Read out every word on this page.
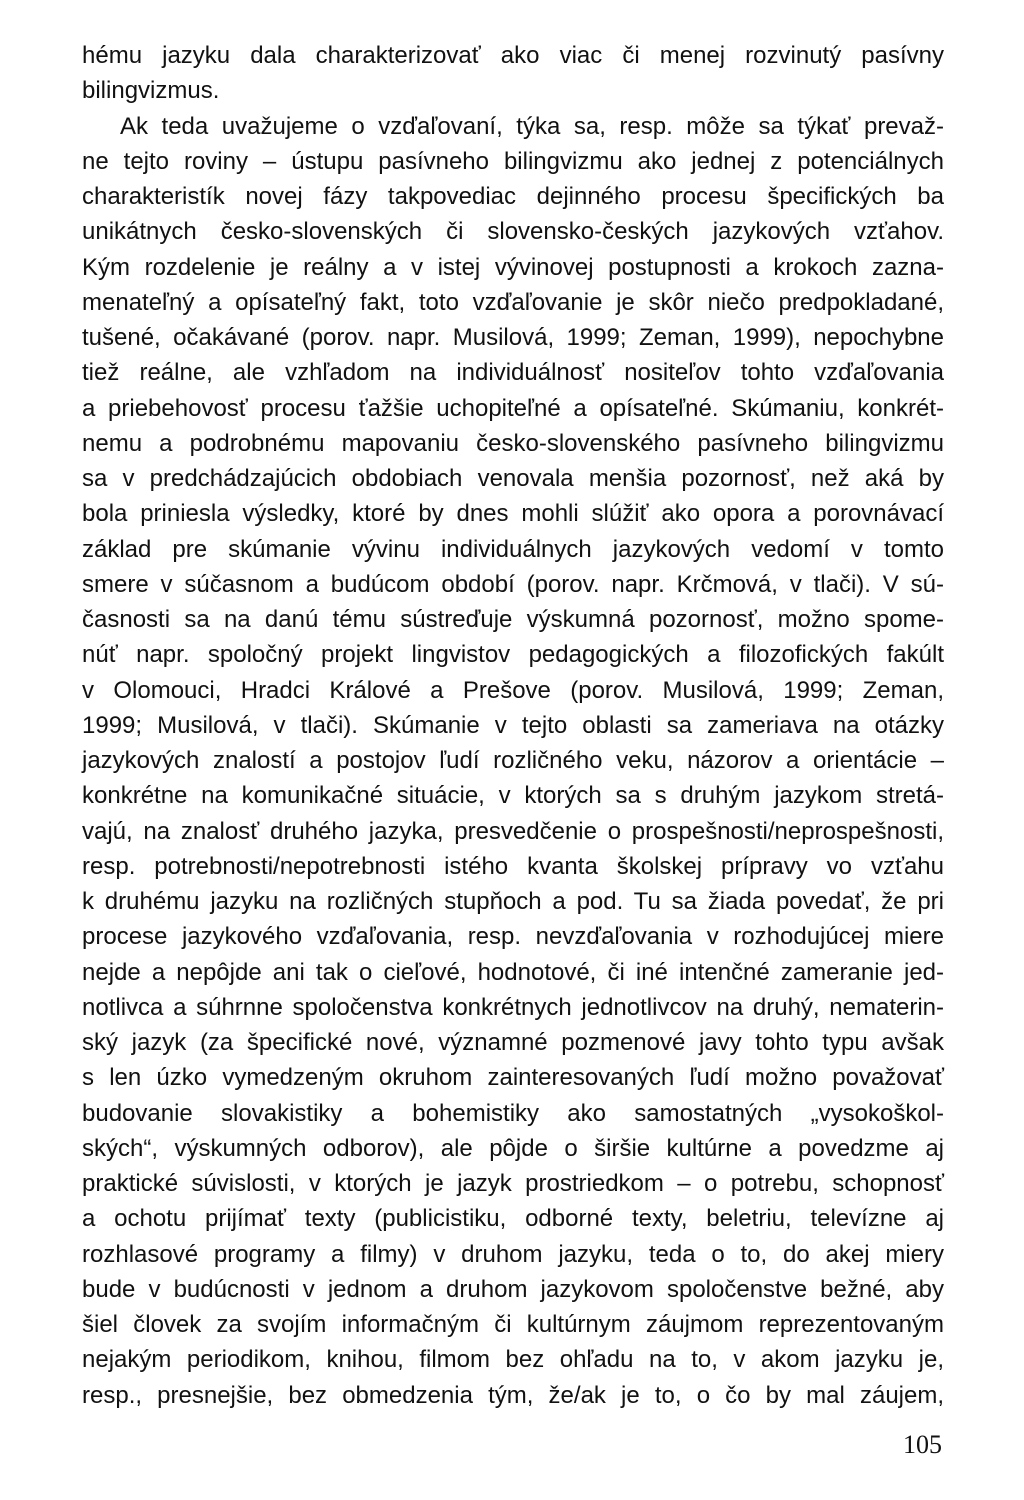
hému jazyku dala charakterizovať ako viac či menej rozvinutý pasívny
bilingvizmus.
Ak teda uvažujeme o vzďaľovaní, týka sa, resp. môže sa týkať prevaž-
ne tejto roviny – ústupu pasívneho bilingvizmu ako jednej z potenciálnych
charakteristík novej fázy takpovediac dejinného procesu špecifických ba
unikátnych česko-slovenských či slovensko-českých jazykových vzťahov.
Kým rozdelenie je reálny a v istej vývinovej postupnosti a krokoch zazna-
menateľný a opísateľný fakt, toto vzďaľovanie je skôr niečo predpokladané,
tušené, očakávané (porov. napr. Musilová, 1999; Zeman, 1999), nepochybne
tiež reálne, ale vzhľadom na individuálnosť nositeľov tohto vzďaľovania
a priebehovosť procesu ťažšie uchopiteľné a opísateľné. Skúmaniu, konkrét-
nemu a podrobnému mapovaniu česko-slovenského pasívneho bilingvizmu
sa v predchádzajúcich obdobiach venovala menšia pozornosť, než aká by
bola priniesla výsledky, ktoré by dnes mohli slúžiť ako opora a porovnávací
základ pre skúmanie vývinu individuálnych jazykových vedomí v tomto
smere v súčasnom a budúcom období (porov. napr. Krčmová, v tlači). V sú-
časnosti sa na danú tému sústreďuje výskumná pozornosť, možno spome-
núť napr. spoločný projekt lingvistov pedagogických a filozofických fakúlt
v Olomouci, Hradci Králové a Prešove (porov. Musilová, 1999; Zeman,
1999; Musilová, v tlači). Skúmanie v tejto oblasti sa zameriava na otázky
jazykových znalostí a postojov ľudí rozličného veku, názorov a orientácie –
konkrétne na komunikačné situácie, v ktorých sa s druhým jazykom stretá-
vajú, na znalosť druhého jazyka, presvedčenie o prospešnosti/neprospešnosti,
resp. potrebnosti/nepotrebnosti istého kvanta školskej prípravy vo vzťahu
k druhému jazyku na rozličných stupňoch a pod. Tu sa žiada povedať, že pri
procese jazykového vzďaľovania, resp. nevzďaľovania v rozhodujúcej miere
nejde a nepôjde ani tak o cieľové, hodnotové, či iné intenčné zameranie jed-
notlivca a súhrnne spoločenstva konkrétnych jednotlivcov na druhý, nematerin-
ský jazyk (za špecifické nové, významné pozmenové javy tohto typu avšak
s len úzko vymedzeným okruhom zainteresovaných ľudí možno považovať
budovanie slovakistiky a bohemistiky ako samostatných „vysokoškol-
ských“, výskumných odborov), ale pôjde o širšie kultúrne a povedzme aj
praktické súvislosti, v ktorých je jazyk prostriedkom – o potrebu, schopnosť
a ochotu prijímať texty (publicistiku, odborné texty, beletriu, televízne aj
rozhlasové programy a filmy) v druhom jazyku, teda o to, do akej miery
bude v budúcnosti v jednom a druhom jazykovom spoločenstve bežné, aby
šiel človek za svojím informačným či kultúrnym záujmom reprezentovaným
nejakým periodikom, knihou, filmom bez ohľadu na to, v akom jazyku je,
resp., presnejšie, bez obmedzenia tým, že/ak je to, o čo by mal záujem,
105
